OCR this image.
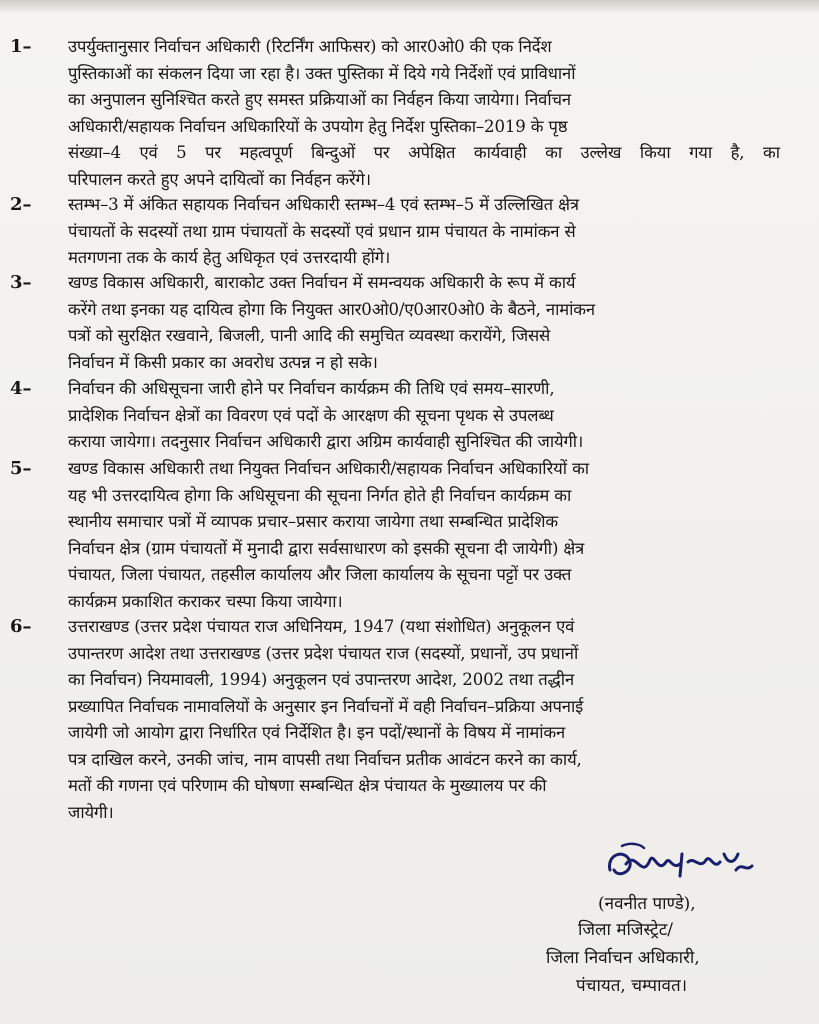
1–	उपर्युक्तानुसार निर्वाचन अधिकारी (रिटर्निंग आफिसर) को आर0ओ0 की एक निर्देश
पुस्तिकाओं का संकलन दिया जा रहा है। उक्त पुस्तिका में दिये गये निर्देशों एवं प्राविधानों
का अनुपालन सुनिश्चित करते हुए समस्त प्रक्रियाओं का निर्वहन किया जायेगा। निर्वाचन
अधिकारी/सहायक निर्वाचन अधिकारियों के उपयोग हेतु निर्देश पुस्तिका–2019 के पृष्ठ
संख्या–4 एवं 5 पर महत्वपूर्ण बिन्दुओं पर अपेक्षित कार्यवाही का उल्लेख किया गया है, का
परिपालन करते हुए अपने दायित्वों का निर्वहन करेंगे।
2–	स्तम्भ–3 में अंकित सहायक निर्वाचन अधिकारी स्तम्भ–4 एवं स्तम्भ–5 में उल्लिखित क्षेत्र
पंचायतों के सदस्यों तथा ग्राम पंचायतों के सदस्यों एवं प्रधान ग्राम पंचायत के नामांकन से
मतगणना तक के कार्य हेतु अधिकृत एवं उत्तरदायी होंगे।
3–	खण्ड विकास अधिकारी, बाराकोट उक्त निर्वाचन में समन्वयक अधिकारी के रूप में कार्य
करेंगे तथा इनका यह दायित्व होगा कि नियुक्त आर0ओ0/ए0आर0ओ0 के बैठने, नामांकन
पत्रों को सुरक्षित रखवाने, बिजली, पानी आदि की समुचित व्यवस्था करायेंगे, जिससे
निर्वाचन में किसी प्रकार का अवरोध उत्पन्न न हो सके।
4–	निर्वाचन की अधिसूचना जारी होने पर निर्वाचन कार्यक्रम की तिथि एवं समय–सारणी,
प्रादेशिक निर्वाचन क्षेत्रों का विवरण एवं पदों के आरक्षण की सूचना पृथक से उपलब्ध
कराया जायेगा। तदनुसार निर्वाचन अधिकारी द्वारा अग्रिम कार्यवाही सुनिश्चित की जायेगी।
5–	खण्ड विकास अधिकारी तथा नियुक्त निर्वाचन अधिकारी/सहायक निर्वाचन अधिकारियों का
यह भी उत्तरदायित्व होगा कि अधिसूचना की सूचना निर्गत होते ही निर्वाचन कार्यक्रम का
स्थानीय समाचार पत्रों में व्यापक प्रचार–प्रसार कराया जायेगा तथा सम्बन्धित प्रादेशिक
निर्वाचन क्षेत्र (ग्राम पंचायतों में मुनादी द्वारा सर्वसाधारण को इसकी सूचना दी जायेगी) क्षेत्र
पंचायत, जिला पंचायत, तहसील कार्यालय और जिला कार्यालय के सूचना पट्टों पर उक्त
कार्यक्रम प्रकाशित कराकर चस्पा किया जायेगा।
6–	उत्तराखण्ड (उत्तर प्रदेश पंचायत राज अधिनियम, 1947 (यथा संशोधित) अनुकूलन एवं
उपान्तरण आदेश तथा उत्तराखण्ड (उत्तर प्रदेश पंचायत राज (सदस्यों, प्रधानों, उप प्रधानों
का निर्वाचन) नियमावली, 1994) अनुकूलन एवं उपान्तरण आदेश, 2002 तथा तद्धीन
प्रख्यापित निर्वाचक नामावलियों के अनुसार इन निर्वाचनों में वही निर्वाचन–प्रक्रिया अपनाई
जायेगी जो आयोग द्वारा निर्धारित एवं निर्देशित है। इन पदों/स्थानों के विषय में नामांकन
पत्र दाखिल करने, उनकी जांच, नाम वापसी तथा निर्वाचन प्रतीक आवंटन करने का कार्य,
मतों की गणना एवं परिणाम की घोषणा सम्बन्धित क्षेत्र पंचायत के मुख्यालय पर की
जायेगी।
(नवनीत पाण्डे),
जिला मजिस्ट्रेट/
जिला निर्वाचन अधिकारी,
पंचायत, चम्पावत।
